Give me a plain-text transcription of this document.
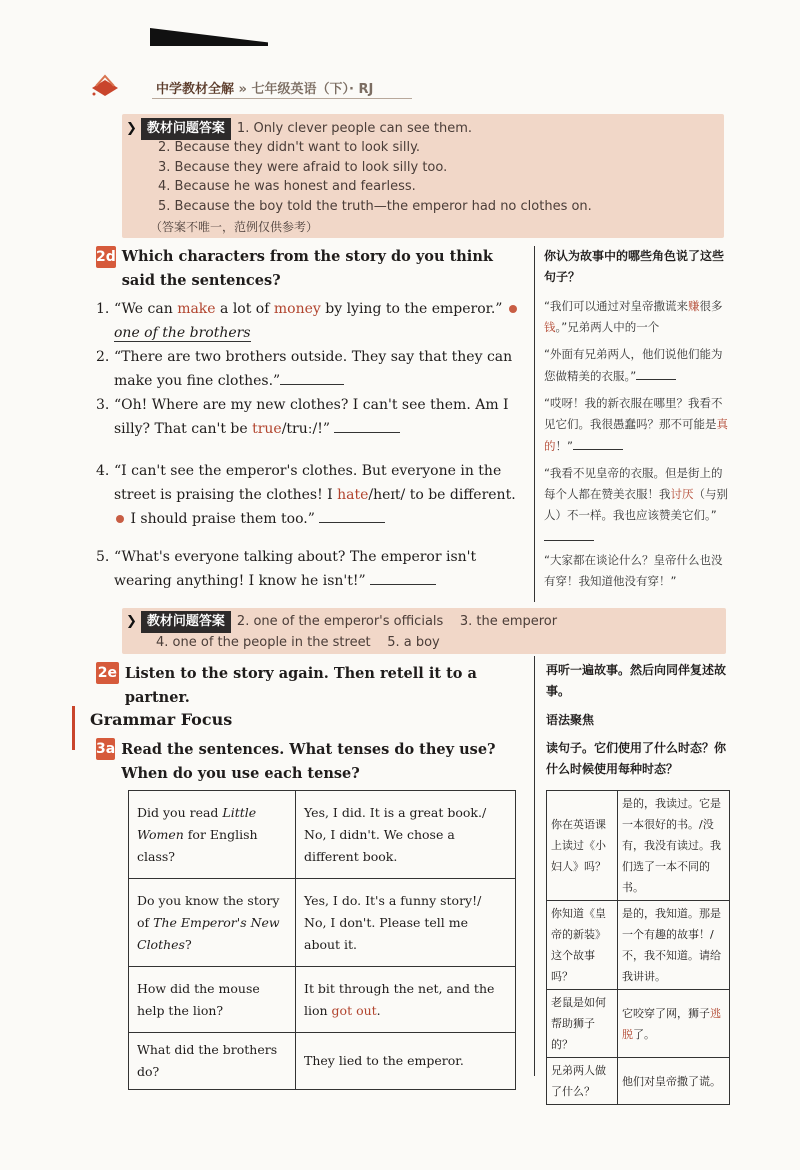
中学教材全解 » 七年级英语（下）· RJ
❯ 教材问题答案 1. Only clever people can see them.
2. Because they didn't want to look silly.
3. Because they were afraid to look silly too.
4. Because he was honest and fearless.
5. Because the boy told the truth—the emperor had no clothes on.
（答案不唯一，范例仅供参考）
2d Which characters from the story do you think said the sentences?
1. “We can make a lot of money by lying to the emperor.”  one of the brothers
2. “There are two brothers outside. They say that they can make you fine clothes.”
3. “Oh! Where are my new clothes? I can't see them. Am I silly? That can't be true/truː/!”
4. “I can't see the emperor's clothes. But everyone in the street is praising the clothes! I hate/heɪt/ to be different. I should praise them too.”
5. “What's everyone talking about? The emperor isn't wearing anything! I know he isn't!”
你认为故事中的哪些角色说了这些句子？
“我们可以通过对皇帝撒谎来赚很多钱。”兄弟两人中的一个
“外面有兄弟两人，他们说他们能为您做精美的衣服。”
“哎呀！我的新衣服在哪里？我看不见它们。我很愚蠢吗？那不可能是真的！”
“我看不见皇帝的衣服。但是街上的每个人都在赞美衣服！我讨厌（与别人）不一样。我也应该赞美它们。”
“大家都在谈论什么？皇帝什么也没有穿！我知道他没有穿！”
❯ 教材问题答案 2. one of the emperor's officials    3. the emperor
4. one of the people in the street    5. a boy
2e Listen to the story again. Then retell it to a partner.
再听一遍故事。然后向同伴复述故事。
Grammar Focus	语法聚焦
3a Read the sentences. What tenses do they use? When do you use each tense?
读句子。它们使用了什么时态？你什么时候使用每种时态？
Did you read Little Women for English class?	Yes, I did. It is a great book./ No, I didn't. We chose a different book.
Do you know the story of The Emperor's New Clothes?	Yes, I do. It's a funny story!/ No, I don't. Please tell me about it.
How did the mouse help the lion?	It bit through the net, and the lion got out.
What did the brothers do?	They lied to the emperor.
你在英语课上读过《小妇人》吗？	是的，我读过。它是一本很好的书。/没有，我没有读过。我们选了一本不同的书。
你知道《皇帝的新装》这个故事吗？	是的，我知道。那是一个有趣的故事！/不，我不知道。请给我讲讲。
老鼠是如何帮助狮子的？	它咬穿了网，狮子逃脱了。
兄弟两人做了什么？	他们对皇帝撒了谎。
